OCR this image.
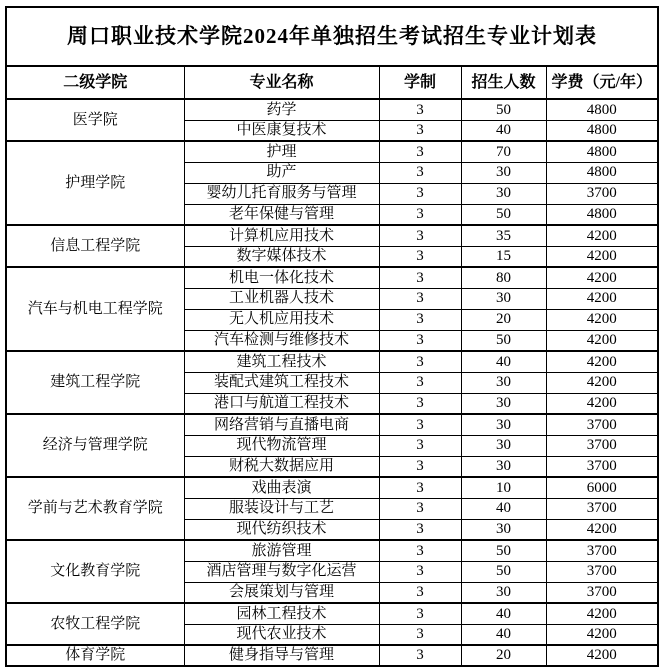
周口职业技术学院2024年单独招生考试招生专业计划表				
二级学院	专业名称	学制	招生人数	学费（元/年）
医学院	药学	3	50	4800
	中医康复技术	3	40	4800
护理学院	护理	3	70	4800
	助产	3	30	4800
	婴幼儿托育服务与管理	3	30	3700
	老年保健与管理	3	50	4800
信息工程学院	计算机应用技术	3	35	4200
	数字媒体技术	3	15	4200
汽车与机电工程学院	机电一体化技术	3	80	4200
	工业机器人技术	3	30	4200
	无人机应用技术	3	20	4200
	汽车检测与维修技术	3	50	4200
建筑工程学院	建筑工程技术	3	40	4200
	装配式建筑工程技术	3	30	4200
	港口与航道工程技术	3	30	4200
经济与管理学院	网络营销与直播电商	3	30	3700
	现代物流管理	3	30	3700
	财税大数据应用	3	30	3700
学前与艺术教育学院	戏曲表演	3	10	6000
	服装设计与工艺	3	40	3700
	现代纺织技术	3	30	4200
文化教育学院	旅游管理	3	50	3700
	酒店管理与数字化运营	3	50	3700
	会展策划与管理	3	30	3700
农牧工程学院	园林工程技术	3	40	4200
	现代农业技术	3	40	4200
体育学院	健身指导与管理	3	20	4200
